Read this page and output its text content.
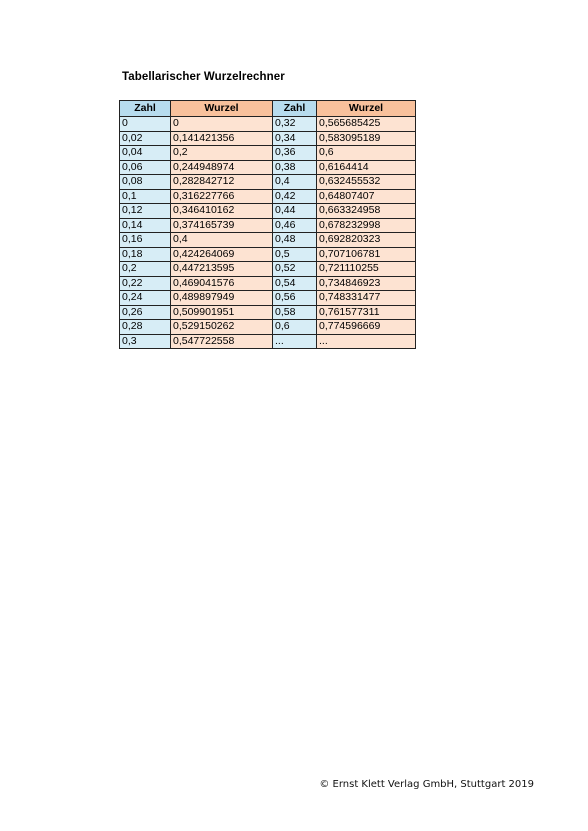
Tabellarischer Wurzelrechner
Zahl	Wurzel	Zahl	Wurzel
0	0	0,32	0,565685425
0,02	0,141421356	0,34	0,583095189
0,04	0,2	0,36	0,6
0,06	0,244948974	0,38	0,6164414
0,08	0,282842712	0,4	0,632455532
0,1	0,316227766	0,42	0,64807407
0,12	0,346410162	0,44	0,663324958
0,14	0,374165739	0,46	0,678232998
0,16	0,4	0,48	0,692820323
0,18	0,424264069	0,5	0,707106781
0,2	0,447213595	0,52	0,721110255
0,22	0,469041576	0,54	0,734846923
0,24	0,489897949	0,56	0,748331477
0,26	0,509901951	0,58	0,761577311
0,28	0,529150262	0,6	0,774596669
0,3	0,547722558	...	...
© Ernst Klett Verlag GmbH, Stuttgart 2019
